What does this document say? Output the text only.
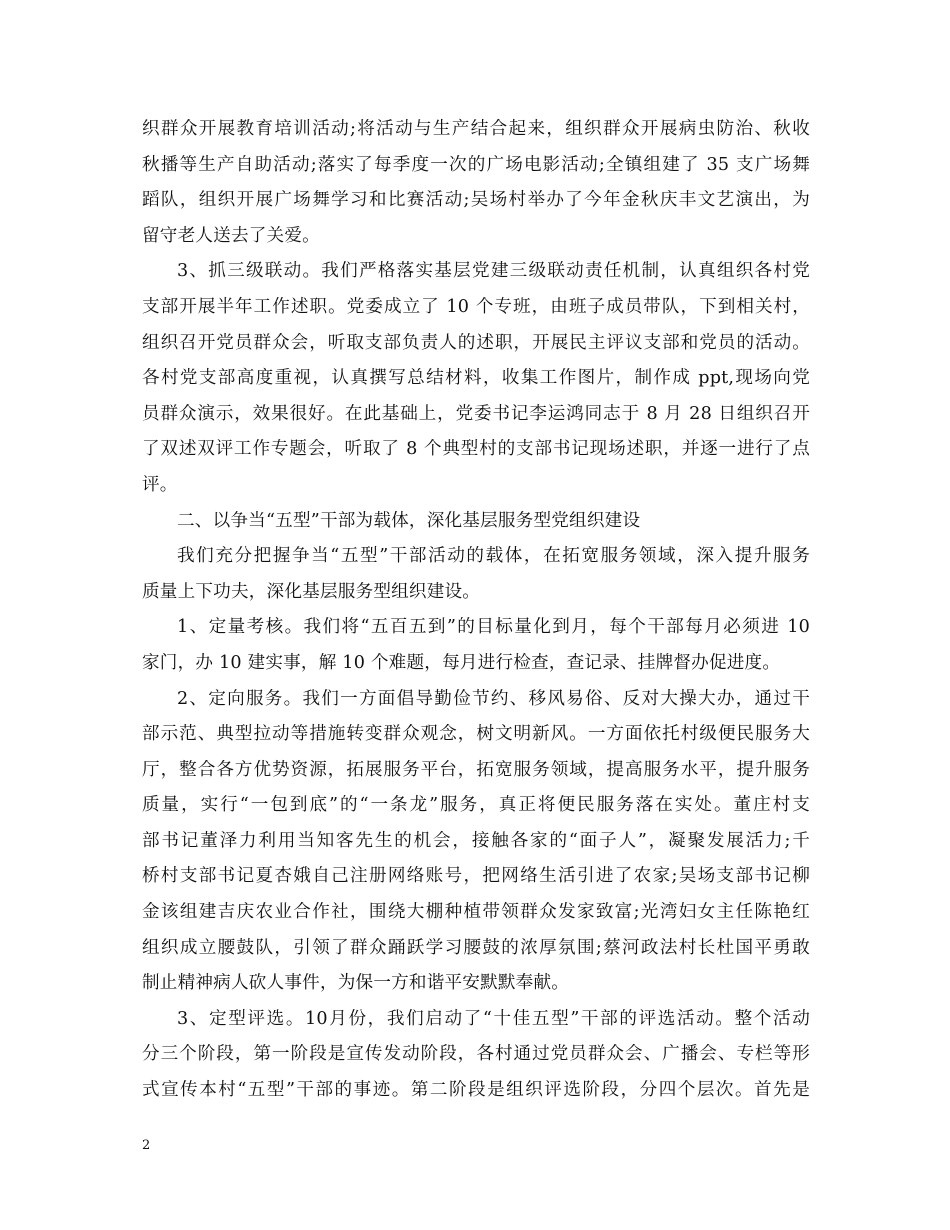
织群众开展教育培训活动;将活动与生产结合起来，组织群众开展病虫防治、秋收
秋播等生产自助活动;落实了每季度一次的广场电影活动;全镇组建了 35 支广场舞
蹈队，组织开展广场舞学习和比赛活动;吴场村举办了今年金秋庆丰文艺演出，为
留守老人送去了关爱。
3、抓三级联动。我们严格落实基层党建三级联动责任机制，认真组织各村党
支部开展半年工作述职。党委成立了 10 个专班，由班子成员带队，下到相关村，
组织召开党员群众会，听取支部负责人的述职，开展民主评议支部和党员的活动。
各村党支部高度重视，认真撰写总结材料，收集工作图片，制作成 ppt,现场向党
员群众演示，效果很好。在此基础上，党委书记李运鸿同志于 8 月 28 日组织召开
了双述双评工作专题会，听取了 8 个典型村的支部书记现场述职，并逐一进行了点
评。
二、以争当“五型”干部为载体，深化基层服务型党组织建设
我们充分把握争当“五型”干部活动的载体，在拓宽服务领域，深入提升服务
质量上下功夫，深化基层服务型组织建设。
1、定量考核。我们将“五百五到”的目标量化到月，每个干部每月必须进 10
家门，办 10 建实事，解 10 个难题，每月进行检查，查记录、挂牌督办促进度。
2、定向服务。我们一方面倡导勤俭节约、移风易俗、反对大操大办，通过干
部示范、典型拉动等措施转变群众观念，树文明新风。一方面依托村级便民服务大
厅，整合各方优势资源，拓展服务平台，拓宽服务领域，提高服务水平，提升服务
质量，实行“一包到底”的“一条龙”服务，真正将便民服务落在实处。董庄村支
部书记董泽力利用当知客先生的机会，接触各家的“面子人”，凝聚发展活力;千
桥村支部书记夏杏娥自己注册网络账号，把网络生活引进了农家;吴场支部书记柳
金该组建吉庆农业合作社，围绕大棚种植带领群众发家致富;光湾妇女主任陈艳红
组织成立腰鼓队，引领了群众踊跃学习腰鼓的浓厚氛围;蔡河政法村长杜国平勇敢
制止精神病人砍人事件，为保一方和谐平安默默奉献。
3、定型评选。10月份，我们启动了“十佳五型”干部的评选活动。整个活动
分三个阶段，第一阶段是宣传发动阶段，各村通过党员群众会、广播会、专栏等形
式宣传本村“五型”干部的事迹。第二阶段是组织评选阶段，分四个层次。首先是
2
